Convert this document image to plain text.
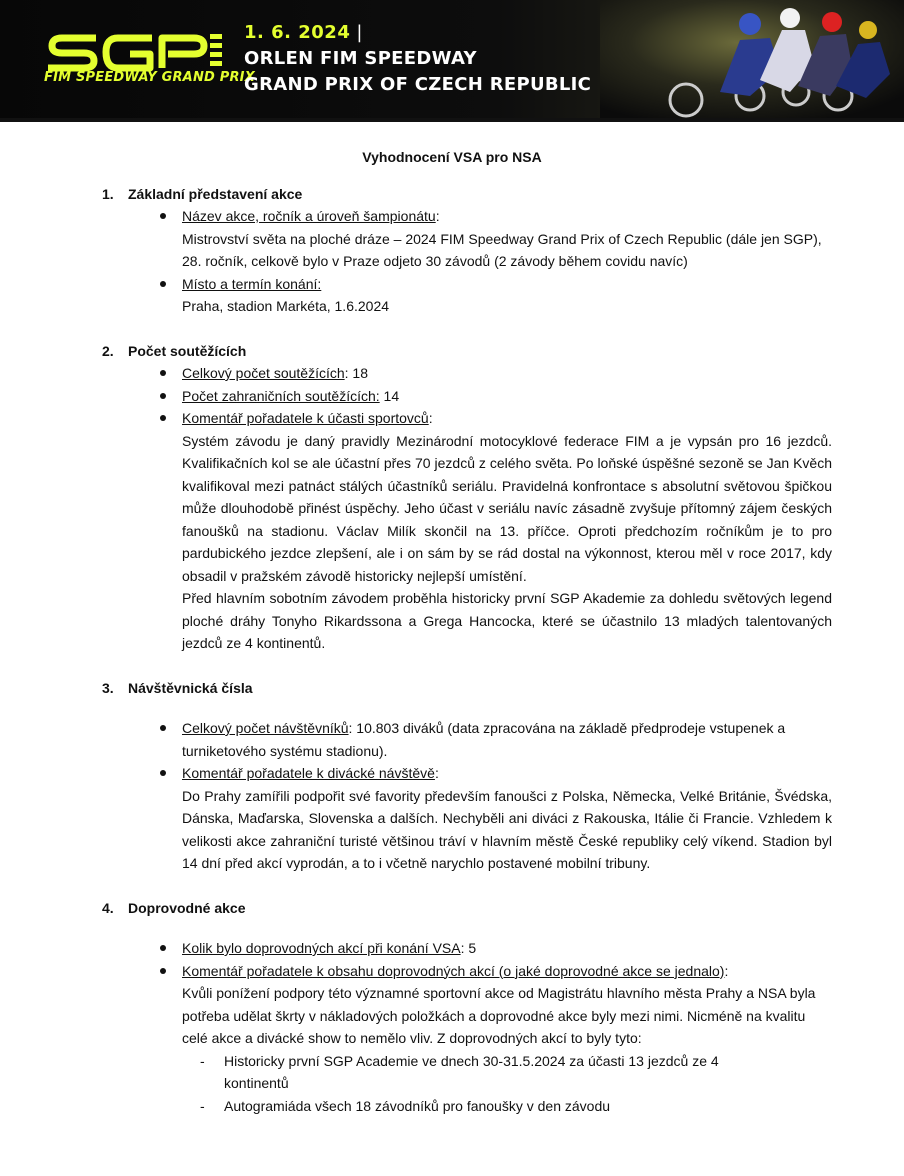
FIM SPEEDWAY GRAND PRIX
1. 6. 2024 |
ORLEN FIM SPEEDWAY
GRAND PRIX OF CZECH REPUBLIC
Vyhodnocení VSA pro NSA
1.	Základní představení akce
Název akce, ročník a úroveň šampionátu:
Mistrovství světa na ploché dráze – 2024 FIM Speedway Grand Prix of Czech Republic (dále jen SGP), 28. ročník, celkově bylo v Praze odjeto 30 závodů (2 závody během covidu navíc)
Místo a termín konání:
Praha, stadion Markéta, 1.6.2024
2.	Počet soutěžících
Celkový počet soutěžících: 18
Počet zahraničních soutěžících: 14
Komentář pořadatele k účasti sportovců:
Systém závodu je daný pravidly Mezinárodní motocyklové federace FIM a je vypsán pro 16 jezdců. Kvalifikačních kol se ale účastní přes 70 jezdců z celého světa. Po loňské úspěšné sezoně se Jan Kvěch kvalifikoval mezi patnáct stálých účastníků seriálu. Pravidelná konfrontace s absolutní světovou špičkou může dlouhodobě přinést úspěchy. Jeho účast v seriálu navíc zásadně zvyšuje přítomný zájem českých fanoušků na stadionu. Václav Milík skončil na 13. příčce. Oproti předchozím ročníkům je to pro pardubického jezdce zlepšení, ale i on sám by se rád dostal na výkonnost, kterou měl v roce 2017, kdy obsadil v pražském závodě historicky nejlepší umístění.
Před hlavním sobotním závodem proběhla historicky první SGP Akademie za dohledu světových legend ploché dráhy Tonyho Rikardssona a Grega Hancocka, které se účastnilo 13 mladých talentovaných jezdců ze 4 kontinentů.
3.	Návštěvnická čísla
Celkový počet návštěvníků: 10.803 diváků (data zpracována na základě předprodeje vstupenek a turniketového systému stadionu).
Komentář pořadatele k divácké návštěvě:
Do Prahy zamířili podpořit své favority především fanoušci z Polska, Německa, Velké Británie, Švédska, Dánska, Maďarska, Slovenska a dalších. Nechyběli ani diváci z Rakouska, Itálie či Francie. Vzhledem k velikosti akce zahraniční turisté většinou tráví v hlavním městě České republiky celý víkend. Stadion byl 14 dní před akcí vyprodán, a to i včetně narychlo postavené mobilní tribuny.
4.	Doprovodné akce
Kolik bylo doprovodných akcí při konání VSA: 5
Komentář pořadatele k obsahu doprovodných akcí (o jaké doprovodné akce se jednalo):
Kvůli ponížení podpory této významné sportovní akce od Magistrátu hlavního města Prahy a NSA byla potřeba udělat škrty v nákladových položkách a doprovodné akce byly mezi nimi. Nicméně na kvalitu celé akce a divácké show to nemělo vliv. Z doprovodných akcí to byly tyto:
- Historicky první SGP Academie ve dnech 30-31.5.2024 za účasti 13 jezdců ze 4 kontinentů
- Autogramiáda všech 18 závodníků pro fanoušky v den závodu
